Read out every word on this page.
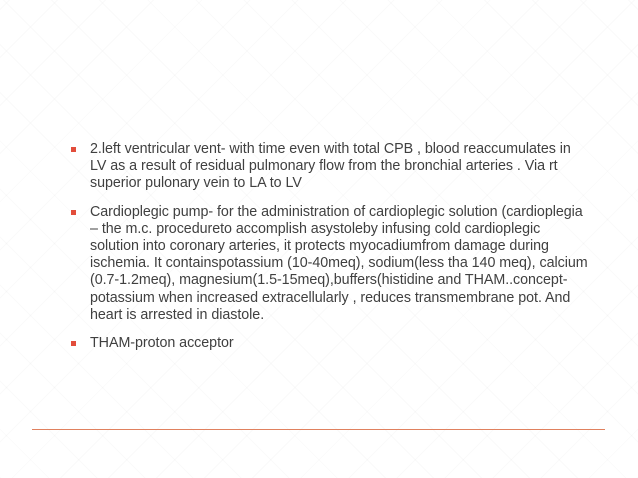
2.left ventricular vent- with time even with total CPB , blood reaccumulates in LV as a result of residual pulmonary flow from the bronchial arteries . Via rt superior pulonary vein to LA to LV
Cardioplegic pump- for the administration of cardioplegic solution (cardioplegia – the m.c. procedureto accomplish asystoleby infusing cold cardioplegic solution into coronary arteries, it protects myocadiumfrom damage during ischemia. It containspotassium (10-40meq), sodium(less tha 140 meq), calcium (0.7-1.2meq), magnesium(1.5-15meq),buffers(histidine and THAM..concept- potassium when increased extracellularly , reduces transmembrane pot. And heart is arrested in diastole.
THAM-proton acceptor
